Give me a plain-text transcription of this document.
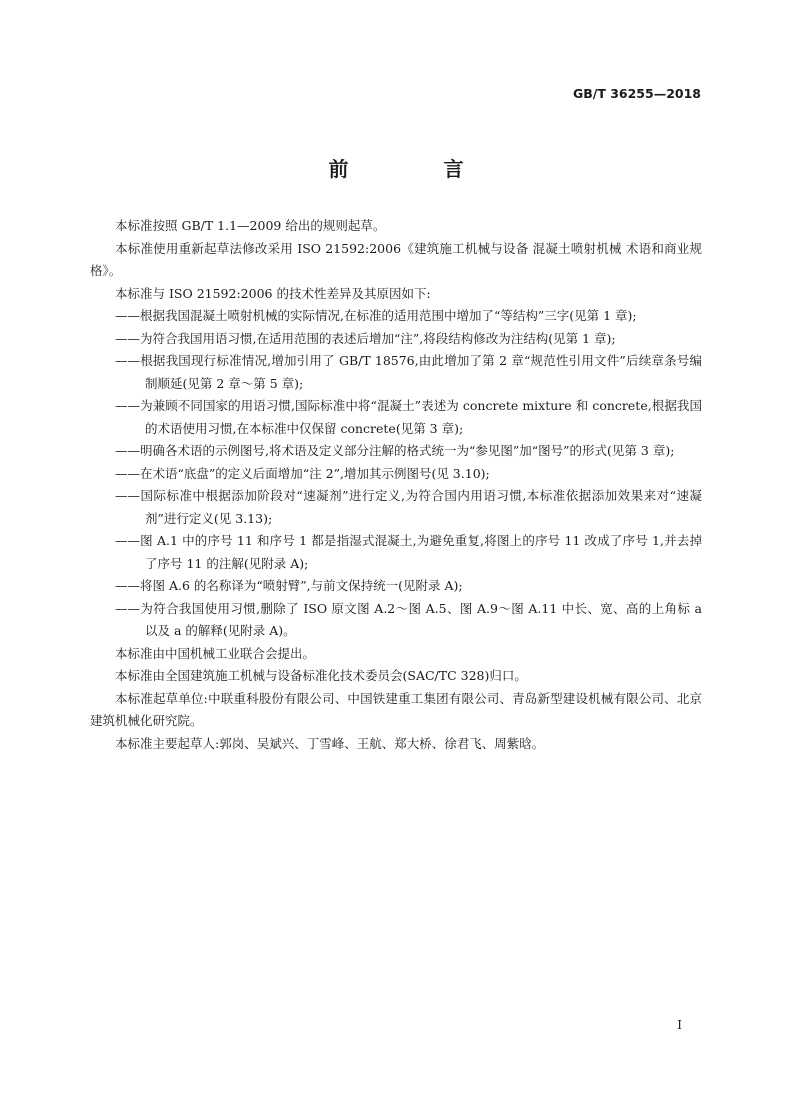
GB/T 36255—2018
前 言

本标准按照 GB/T 1.1—2009 给出的规则起草。

本标准使用重新起草法修改采用 ISO 21592:2006《建筑施工机械与设备 混凝土喷射机械 术语和商业规格》。

本标准与 ISO 21592:2006 的技术性差异及其原因如下:

——根据我国混凝土喷射机械的实际情况,在标准的适用范围中增加了“等结构”三字(见第 1 章);

——为符合我国用语习惯,在适用范围的表述后增加“注”,将段结构修改为注结构(见第 1 章);

——根据我国现行标准情况,增加引用了 GB/T 18576,由此增加了第 2 章“规范性引用文件”后续章条号编制顺延(见第 2 章～第 5 章);

——为兼顾不同国家的用语习惯,国际标准中将“混凝土”表述为 concrete mixture 和 concrete,根据我国的术语使用习惯,在本标准中仅保留 concrete(见第 3 章);

——明确各术语的示例图号,将术语及定义部分注解的格式统一为“参见图”加“图号”的形式(见第 3 章);

——在术语“底盘”的定义后面增加“注 2”,增加其示例图号(见 3.10);

——国际标准中根据添加阶段对“速凝剂”进行定义,为符合国内用语习惯,本标准依据添加效果来对“速凝剂”进行定义(见 3.13);

——图 A.1 中的序号 11 和序号 1 都是指湿式混凝土,为避免重复,将图上的序号 11 改成了序号 1,并去掉了序号 11 的注解(见附录 A);

——将图 A.6 的名称译为“喷射臂”,与前文保持统一(见附录 A);

——为符合我国使用习惯,删除了 ISO 原文图 A.2～图 A.5、图 A.9～图 A.11 中长、宽、高的上角标 a 以及 a 的解释(见附录 A)。

本标准由中国机械工业联合会提出。

本标准由全国建筑施工机械与设备标准化技术委员会(SAC/TC 328)归口。

本标准起草单位:中联重科股份有限公司、中国铁建重工集团有限公司、青岛新型建设机械有限公司、北京建筑机械化研究院。

本标准主要起草人:郭岗、吴斌兴、丁雪峰、王航、郑大桥、徐君飞、周紫晗。

I
